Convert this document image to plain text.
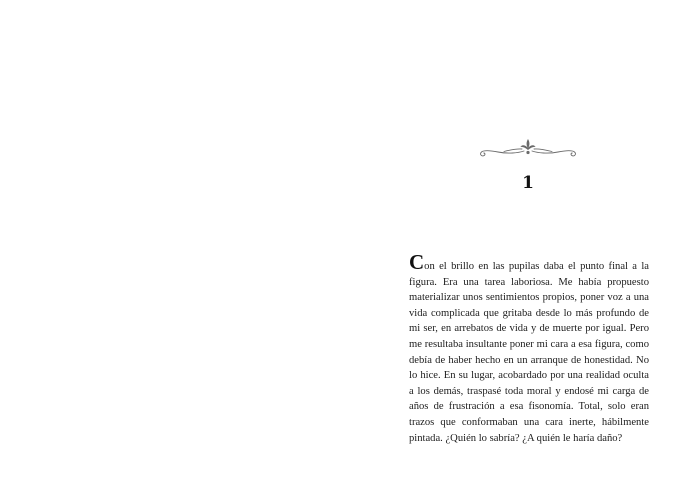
1

Con el brillo en las pupilas daba el punto final a la figura. Era una tarea laboriosa. Me había propuesto materializar unos sentimientos propios, poner voz a una vida complicada que gritaba desde lo más profundo de mi ser, en arrebatos de vida y de muerte por igual. Pero me resultaba insultante poner mi cara a esa figura, como debía de haber hecho en un arranque de honestidad. No lo hice. En su lugar, acobardado por una realidad oculta a los demás, traspasé toda moral y endosé mi carga de años de frustración a esa fisonomía. Total, solo eran trazos que conformaban una cara inerte, hábilmente pintada. ¿Quién lo sabría? ¿A quién le haría daño?
